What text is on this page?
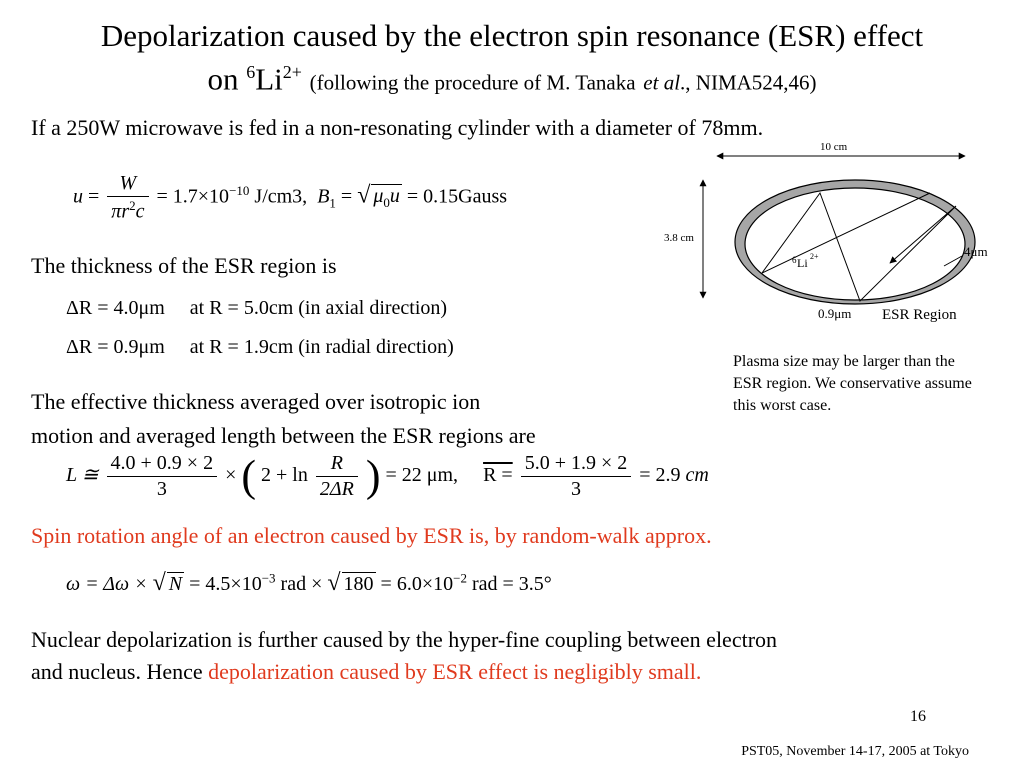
Depolarization caused by the electron spin resonance (ESR) effect
on $^6Li^{2+}$ (following the procedure of M. Tanaka et al., NIMA524,46)
If a 250W microwave is fed in a non-resonating cylinder with a diameter of 78mm.
$u = \frac{W}{\pi r^2c} = 1.7\times 10^{-10}$ J/cm3, $B_1$ = √ $\mu_0u$ = 0.15Gauss
The thickness of the ESR region is
ΔR = 4.0μm at R = 5.0cm (in axial direction)
ΔR = 0.9μm at R = 1.9cm (in radial direction)
The effective thickness averaged over isotropic ion
motion and averaged length between the ESR regions are
L ≅ $\frac{4.0 + 0.9 \times 2}{3}$ × ( $2 + \ln \frac{R}{2\Delta R}$ ) = 22 μm, $R = \frac{5.0 + 1.9 \times 2}{3} = 2.9$ cm
Spin rotation angle of an electron caused by ESR is, by random-walk approx.
ω = Δω × √ $N = 4.5\times 10^{-3}$ rad × √ $180 = 6.0\times 10^{-2}$ rad = 3.5°
Nuclear depolarization is further caused by the hyper-fine coupling between electron
and nucleus. Hence depolarization caused by ESR effect is negligibly small.
10 cm
3.8 cm
6 Li 2+	4μm
0.9μm ESR Region
Plasma size may be larger than the ESR region. We conservative assume this worst case.
16
PST05, November 14-17, 2005 at Tokyo
